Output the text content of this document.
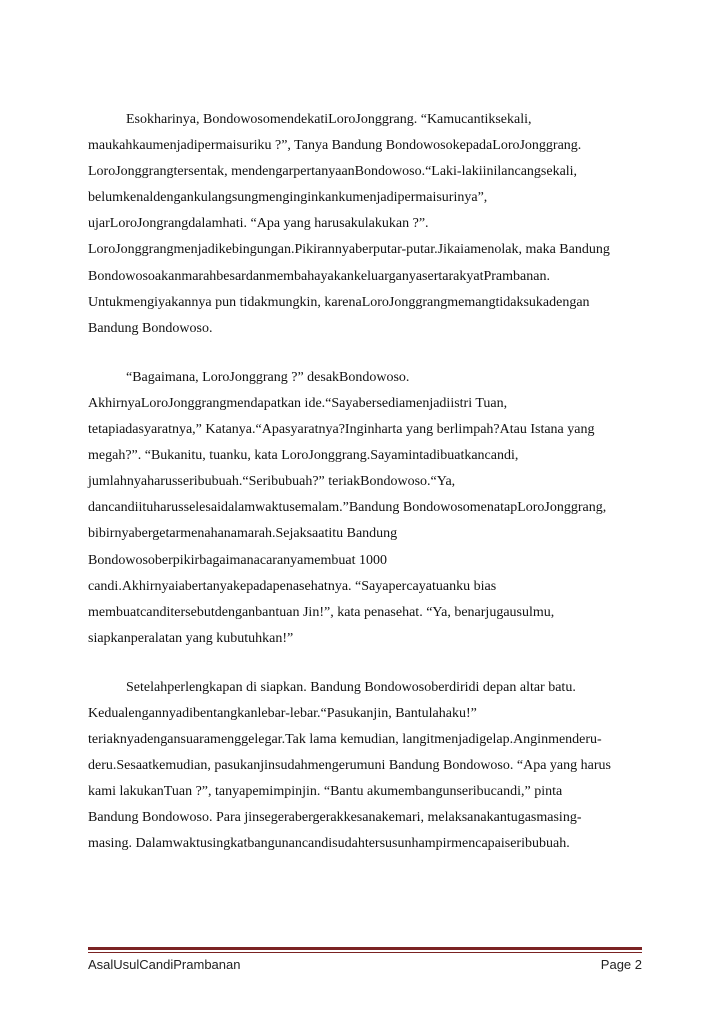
Esokharinya, BondowosomendekatiLoroJonggrang. “Kamucantiksekali,
maukahkaumenjadipermaisuriku ?”, Tanya Bandung BondowosokepadaLoroJonggrang.
LoroJonggrangtersentak, mendengarpertanyaanBondowoso.“Laki-lakiinilancangsekali,
belumkenaldengankulangsungmenginginkankumenjadipermaisurinya”,
ujarLoroJongrangdalamhati. “Apa yang harusakulakukan ?”.
LoroJonggrangmenjadikebingungan.Pikirannyaberputar-putar.Jikaiamenolak, maka Bandung
BondowosoakanmarahbesardanmembahayakankeluarganyasertarakyatPrambanan.
Untukmengiyakannya pun tidakmungkin, karenaLoroJonggrangmemangtidaksukadengan
Bandung Bondowoso.

“Bagaimana, LoroJonggrang ?” desakBondowoso.
AkhirnyaLoroJonggrangmendapatkan ide.“Sayabersediamenjadiistri Tuan,
tetapiadasyaratnya,” Katanya.“Apasyaratnya?Inginharta yang berlimpah?Atau Istana yang
megah?”. “Bukanitu, tuanku, kata LoroJonggrang.Sayamintadibuatkancandi,
jumlahnyaharusseribubuah.“Seribubuah?” teriakBondowoso.“Ya,
dancandiituharusselesaidalamwaktusemalam.”Bandung BondowosomenatapLoroJonggrang,
bibirnyabergetarmenahanamarah.Sejaksaatitu Bandung
Bondowosoberpikirbagaimanacaranyamembuat 1000
candi.Akhirnyaiabertanyakepadapenasehatnya. “Sayapercayatuanku bias
membuatcanditersebutdenganbantuan Jin!”, kata penasehat. “Ya, benarjugausulmu,
siapkanperalatan yang kubutuhkan!”

Setelahperlengkapan di siapkan. Bandung Bondowosoberdiridi depan altar batu.
Kedualengannyadibentangkanlebar-lebar.“Pasukanjin, Bantulahaku!”
teriaknyadengansuaramenggelegar.Tak lama kemudian, langitmenjadigelap.Anginmenderu-
deru.Sesaatkemudian, pasukanjinsudahmengerumuni Bandung Bondowoso. “Apa yang harus
kami lakukanTuan ?”, tanyapemimpinjin. “Bantu akumembangunseribucandi,” pinta
Bandung Bondowoso. Para jinsegerabergerakkesanakemari, melaksanakantugasmasing-
masing. Dalamwaktusingkatbangunancandisudahtersusunhampirmencapaiseribubuah.

AsalUsulCandiPrambanan	Page 2
